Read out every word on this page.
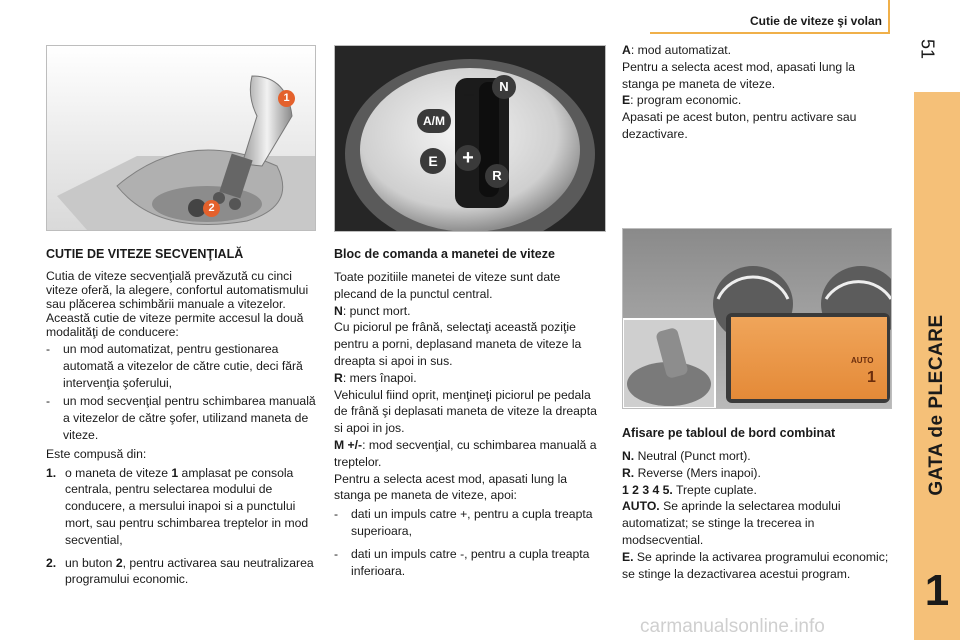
Cutie de viteze şi volan
51
GATA de PLECARE
1
1
2
N
A/M
−
+
E
R
AUTO
1
CUTIE DE VITEZE SECVENŢIALĂ

Cutia de viteze secvenţială prevăzută cu cinci viteze oferă, la alegere, confortul automatismului sau plăcerea schimbării manuale a vitezelor.

Această cutie de viteze permite accesul la două modalităţi de conducere:

- un mod automatizat, pentru gestionarea automată a vitezelor de către cutie, deci fără intervenţia şoferului,
- un mod secvenţial pentru schimbarea manuală a vitezelor de către şofer, utilizand maneta de viteze.

Este compusă din:

1. o maneta de viteze 1 amplasat pe consola centrala, pentru selectarea modului de conducere, a mersului inapoi si a punctului mort, sau pentru schimbarea treptelor in mod secvential,
2. un buton 2, pentru activarea sau neutralizarea programului economic.
Bloc de comanda a manetei de viteze

Toate pozitiile manetei de viteze sunt date plecand de la punctul central.

N: punct mort.

Cu piciorul pe frână, selectaţi această poziţie pentru a porni, deplasand maneta de viteze la dreapta si apoi in sus.

R: mers înapoi.

Vehiculul fiind oprit, menţineţi piciorul pe pedala de frână şi deplasati maneta de viteze la dreapta si apoi in jos.

M +/-: mod secvenţial, cu schimbarea manuală a treptelor.

Pentru a selecta acest mod, apasati lung la stanga pe maneta de viteze, apoi:

- dati un impuls catre +, pentru a cupla treapta superioara,
- dati un impuls catre -, pentru a cupla treapta inferioara.

A: mod automatizat.

Pentru a selecta acest mod, apasati lung la stanga pe maneta de viteze.

E: program economic.

Apasati pe acest buton, pentru activare sau dezactivare.

Afisare pe tabloul de bord combinat

N. Neutral (Punct mort).

R. Reverse (Mers inapoi).

1 2 3 4 5. Trepte cuplate.

AUTO. Se aprinde la selectarea modului automatizat; se stinge la trecerea in modsecvential.

E. Se aprinde la activarea programului economic; se stinge la dezactivarea acestui program.

carmanualsonline.info
